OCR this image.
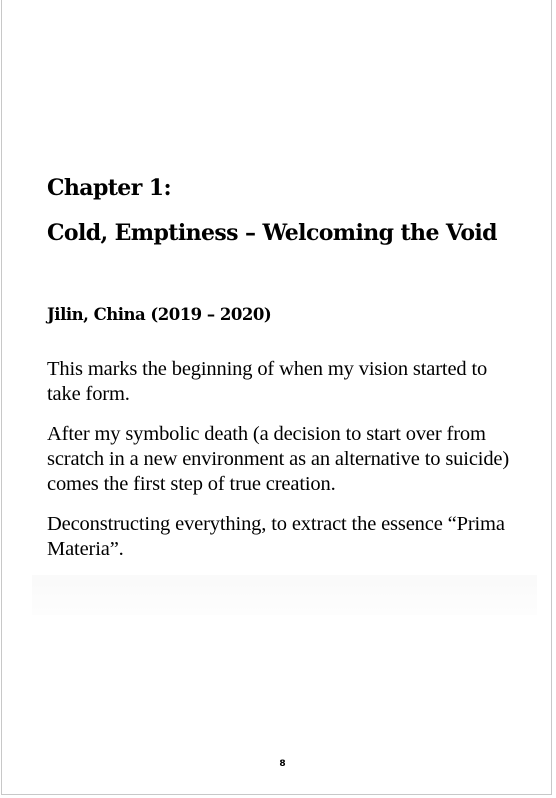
Chapter 1:
Cold, Emptiness – Welcoming the Void
Jilin, China (2019 – 2020)

This marks the beginning of when my vision started to take form.

After my symbolic death (a decision to start over from scratch in a new environment as an alternative to suicide) comes the first step of true creation.

Deconstructing everything, to extract the essence “Prima Materia”.

8
